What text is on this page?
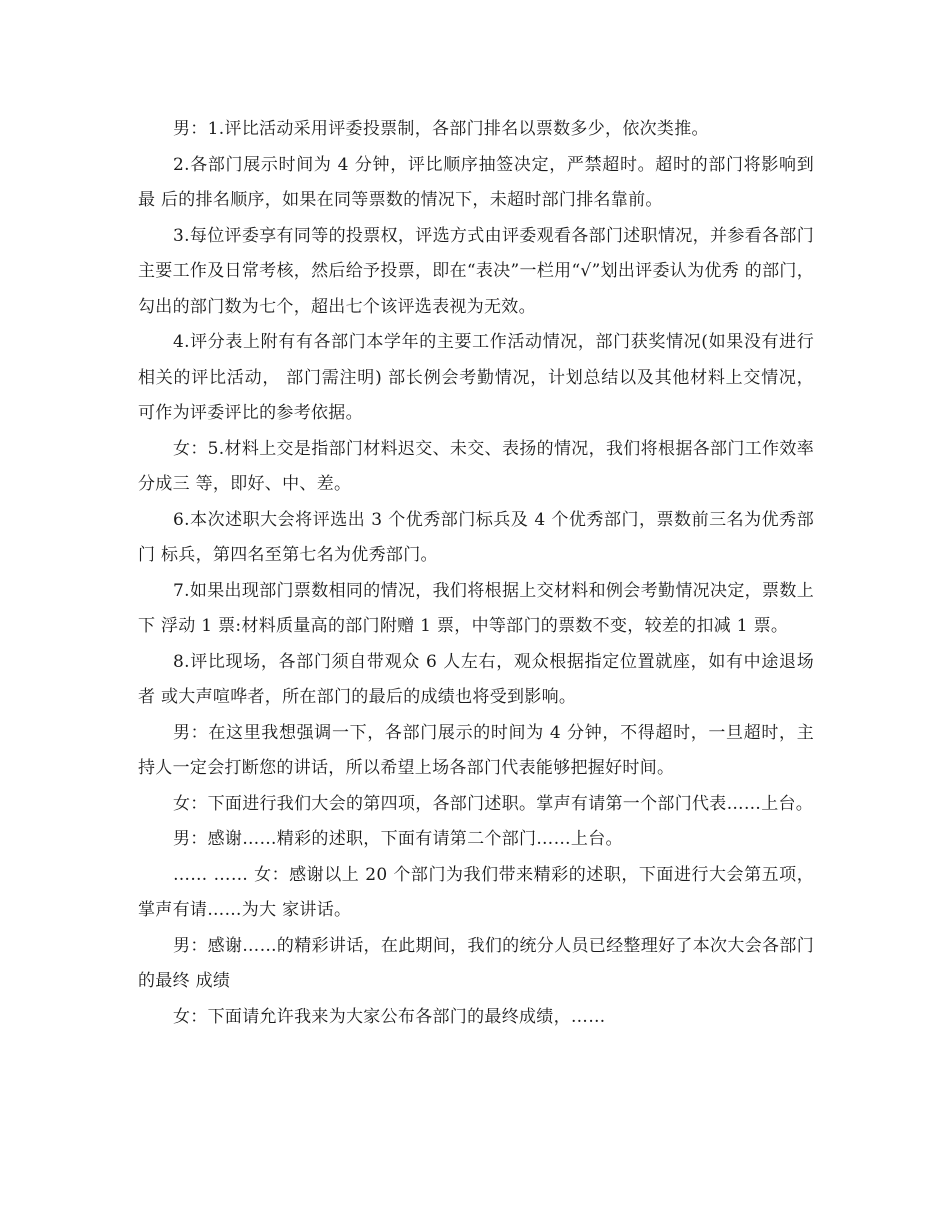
男：1.评比活动采用评委投票制，各部门排名以票数多少，依次类推。

2.各部门展示时间为 4 分钟，评比顺序抽签决定，严禁超时。超时的部门将影响到最 后的排名顺序，如果在同等票数的情况下，未超时部门排名靠前。

3.每位评委享有同等的投票权，评选方式由评委观看各部门述职情况，并参看各部门 主要工作及日常考核，然后给予投票，即在“表决”一栏用“√”划出评委认为优秀 的部门，勾出的部门数为七个，超出七个该评选表视为无效。

4.评分表上附有有各部门本学年的主要工作活动情况，部门获奖情况(如果没有进行 相关的评比活动， 部门需注明) 部长例会考勤情况，计划总结以及其他材料上交情况， 可作为评委评比的参考依据。

女：5.材料上交是指部门材料迟交、未交、表扬的情况，我们将根据各部门工作效率分成三 等，即好、中、差。

6.本次述职大会将评选出 3 个优秀部门标兵及 4 个优秀部门，票数前三名为优秀部门 标兵，第四名至第七名为优秀部门。

7.如果出现部门票数相同的情况，我们将根据上交材料和例会考勤情况决定，票数上下 浮动 1 票:材料质量高的部门附赠 1 票，中等部门的票数不变，较差的扣减 1 票。

8.评比现场，各部门须自带观众 6 人左右，观众根据指定位置就座，如有中途退场者 或大声喧哗者，所在部门的最后的成绩也将受到影响。

男：在这里我想强调一下，各部门展示的时间为 4 分钟，不得超时，一旦超时，主持人一定会打断您的讲话，所以希望上场各部门代表能够把握好时间。

女：下面进行我们大会的第四项，各部门述职。掌声有请第一个部门代表……上台。

男：感谢……精彩的述职，下面有请第二个部门……上台。

…… …… 女：感谢以上 20 个部门为我们带来精彩的述职，下面进行大会第五项，掌声有请……为大 家讲话。

男：感谢……的精彩讲话，在此期间，我们的统分人员已经整理好了本次大会各部门的最终 成绩

女：下面请允许我来为大家公布各部门的最终成绩，……
